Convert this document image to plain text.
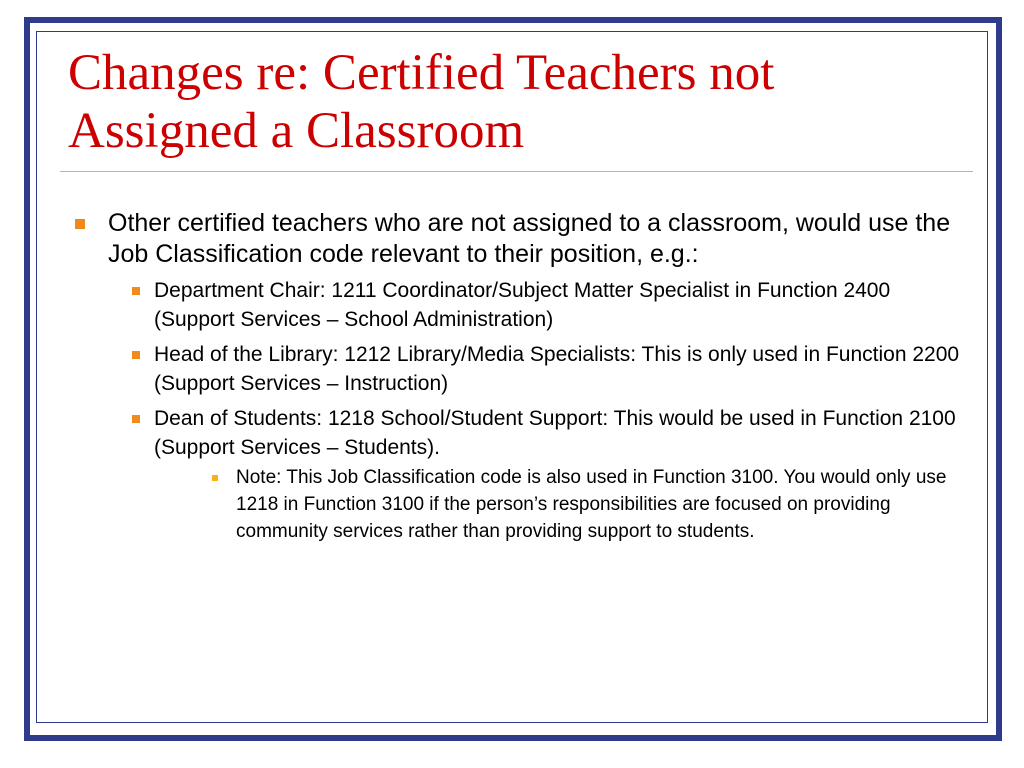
Changes re: Certified Teachers not Assigned a Classroom
Other certified teachers who are not assigned to a classroom, would use the Job Classification code relevant to their position, e.g.:
Department Chair: 1211 Coordinator/Subject Matter Specialist in Function 2400 (Support Services – School Administration)
Head of the Library: 1212 Library/Media Specialists: This is only used in Function 2200 (Support Services – Instruction)
Dean of Students: 1218 School/Student Support: This would be used in Function 2100 (Support Services – Students).
Note: This Job Classification code is also used in Function 3100. You would only use 1218 in Function 3100 if the person’s responsibilities are focused on providing community services rather than providing support to students.
